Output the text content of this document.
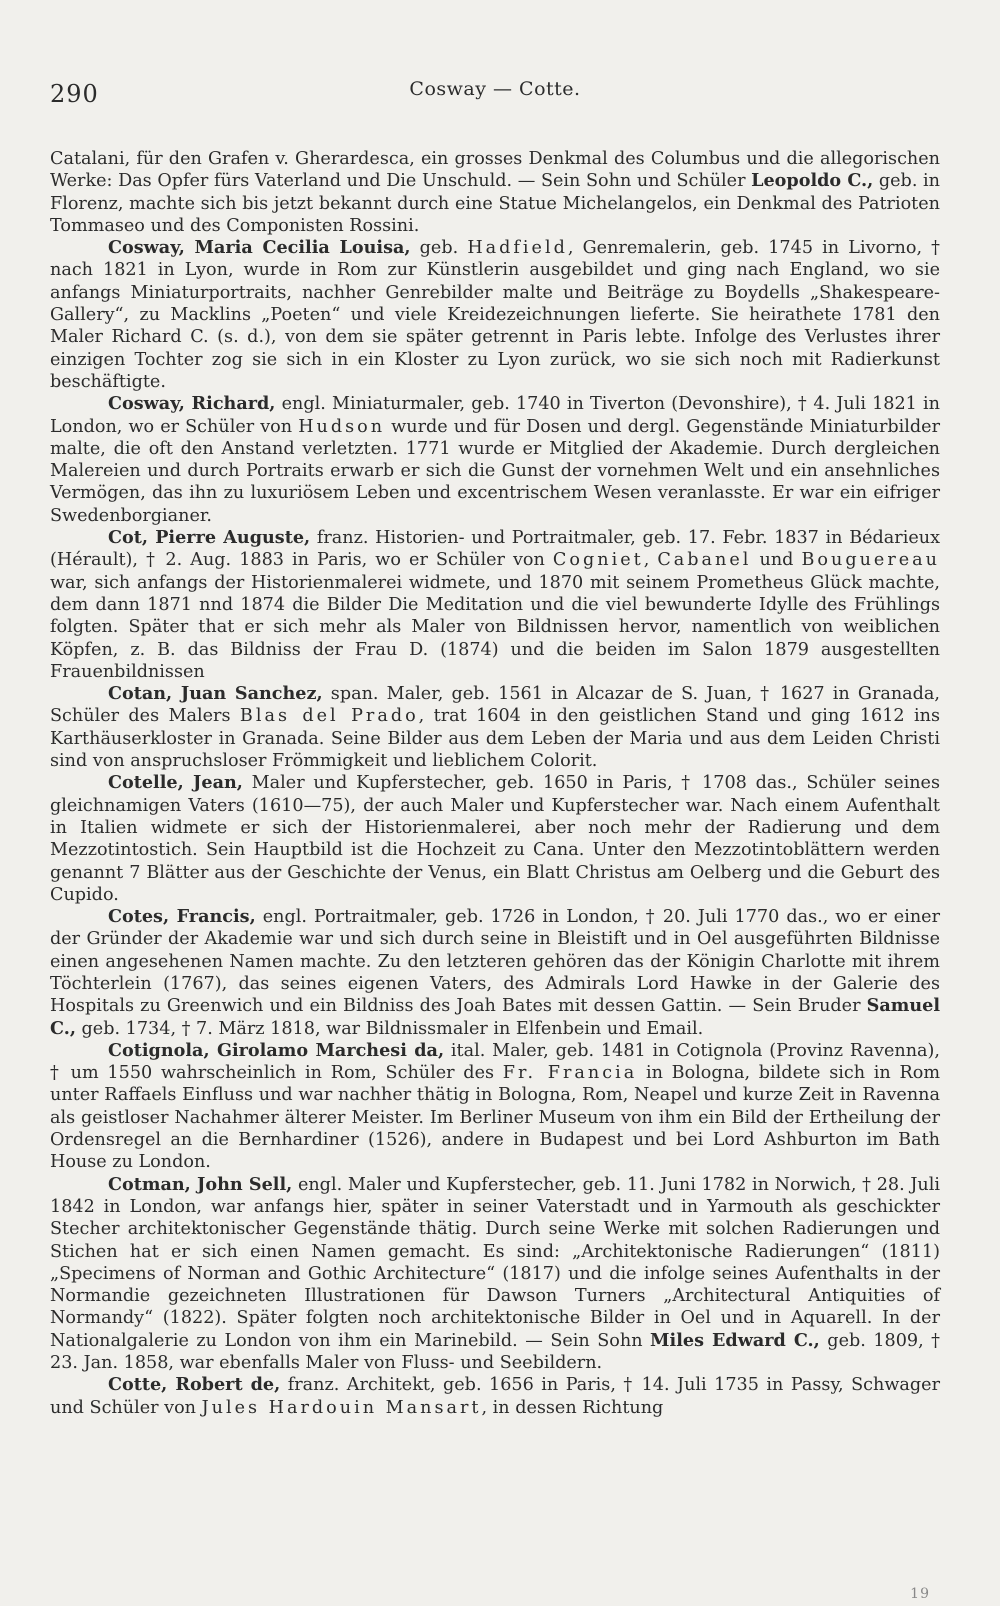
290	Cosway — Cotte.

Catalani, für den Grafen v. Gherardesca, ein grosses Denkmal des Columbus und die allegorischen Werke: Das Opfer fürs Vaterland und Die Unschuld. — Sein Sohn und Schüler Leopoldo C., geb. in Florenz, machte sich bis jetzt bekannt durch eine Statue Michelangelos, ein Denkmal des Patrioten Tommaseo und des Componisten Rossini.

Cosway, Maria Cecilia Louisa, geb. Hadfield, Genremalerin, geb. 1745 in Livorno, † nach 1821 in Lyon, wurde in Rom zur Künstlerin ausgebildet und ging nach England, wo sie anfangs Miniaturportraits, nachher Genrebilder malte und Beiträge zu Boydells „Shakespeare-Gallery“, zu Macklins „Poeten“ und viele Kreidezeichnungen lieferte. Sie heirathete 1781 den Maler Richard C. (s. d.), von dem sie später getrennt in Paris lebte. Infolge des Verlustes ihrer einzigen Tochter zog sie sich in ein Kloster zu Lyon zurück, wo sie sich noch mit Radierkunst beschäftigte.

Cosway, Richard, engl. Miniaturmaler, geb. 1740 in Tiverton (Devonshire), † 4. Juli 1821 in London, wo er Schüler von Hudson wurde und für Dosen und dergl. Gegenstände Miniaturbilder malte, die oft den Anstand verletzten. 1771 wurde er Mitglied der Akademie. Durch dergleichen Malereien und durch Portraits erwarb er sich die Gunst der vornehmen Welt und ein ansehnliches Vermögen, das ihn zu luxuriösem Leben und excentrischem Wesen veranlasste. Er war ein eifriger Swedenborgianer.

Cot, Pierre Auguste, franz. Historien- und Portraitmaler, geb. 17. Febr. 1837 in Bédarieux (Hérault), † 2. Aug. 1883 in Paris, wo er Schüler von Cogniet, Cabanel und Bouguereau war, sich anfangs der Historienmalerei widmete, und 1870 mit seinem Prometheus Glück machte, dem dann 1871 nnd 1874 die Bilder Die Meditation und die viel bewunderte Idylle des Frühlings folgten. Später that er sich mehr als Maler von Bildnissen hervor, namentlich von weiblichen Köpfen, z. B. das Bildniss der Frau D. (1874) und die beiden im Salon 1879 ausgestellten Frauenbildnissen

Cotan, Juan Sanchez, span. Maler, geb. 1561 in Alcazar de S. Juan, † 1627 in Granada, Schüler des Malers Blas del Prado, trat 1604 in den geistlichen Stand und ging 1612 ins Karthäuserkloster in Granada. Seine Bilder aus dem Leben der Maria und aus dem Leiden Christi sind von anspruchsloser Frömmigkeit und lieblichem Colorit.

Cotelle, Jean, Maler und Kupferstecher, geb. 1650 in Paris, † 1708 das., Schüler seines gleichnamigen Vaters (1610—75), der auch Maler und Kupferstecher war. Nach einem Aufenthalt in Italien widmete er sich der Historienmalerei, aber noch mehr der Radierung und dem Mezzotintostich. Sein Hauptbild ist die Hochzeit zu Cana. Unter den Mezzotintoblättern werden genannt 7 Blätter aus der Geschichte der Venus, ein Blatt Christus am Oelberg und die Geburt des Cupido.

Cotes, Francis, engl. Portraitmaler, geb. 1726 in London, † 20. Juli 1770 das., wo er einer der Gründer der Akademie war und sich durch seine in Bleistift und in Oel ausgeführten Bildnisse einen angesehenen Namen machte. Zu den letzteren gehören das der Königin Charlotte mit ihrem Töchterlein (1767), das seines eigenen Vaters, des Admirals Lord Hawke in der Galerie des Hospitals zu Greenwich und ein Bildniss des Joah Bates mit dessen Gattin. — Sein Bruder Samuel C., geb. 1734, † 7. März 1818, war Bildnissmaler in Elfenbein und Email.

Cotignola, Girolamo Marchesi da, ital. Maler, geb. 1481 in Cotignola (Provinz Ravenna), † um 1550 wahrscheinlich in Rom, Schüler des Fr. Francia in Bologna, bildete sich in Rom unter Raffaels Einfluss und war nachher thätig in Bologna, Rom, Neapel und kurze Zeit in Ravenna als geistloser Nachahmer älterer Meister. Im Berliner Museum von ihm ein Bild der Ertheilung der Ordensregel an die Bernhardiner (1526), andere in Budapest und bei Lord Ashburton im Bath House zu London.

Cotman, John Sell, engl. Maler und Kupferstecher, geb. 11. Juni 1782 in Norwich, † 28. Juli 1842 in London, war anfangs hier, später in seiner Vaterstadt und in Yarmouth als geschickter Stecher architektonischer Gegenstände thätig. Durch seine Werke mit solchen Radierungen und Stichen hat er sich einen Namen gemacht. Es sind: „Architektonische Radierungen“ (1811) „Specimens of Norman and Gothic Architecture“ (1817) und die infolge seines Aufenthalts in der Normandie gezeichneten Illustrationen für Dawson Turners „Architectural Antiquities of Normandy“ (1822). Später folgten noch architektonische Bilder in Oel und in Aquarell. In der Nationalgalerie zu London von ihm ein Marinebild. — Sein Sohn Miles Edward C., geb. 1809, † 23. Jan. 1858, war ebenfalls Maler von Fluss- und Seebildern.

Cotte, Robert de, franz. Architekt, geb. 1656 in Paris, † 14. Juli 1735 in Passy, Schwager und Schüler von Jules Hardouin Mansart, in dessen Richtung

19
